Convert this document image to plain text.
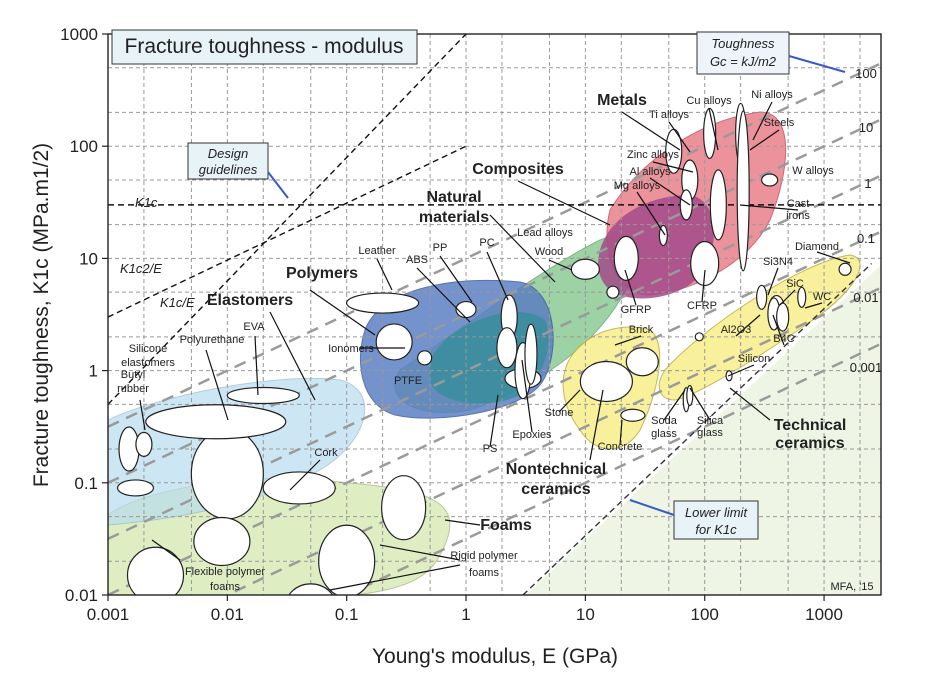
0.001	0.01	0.1	1	10	100	1000
0.01
0.1
1
10
100
1000
Young's modulus, E (GPa)
Fracture toughness, K1c (MPa.m1/2)
Fracture toughness - modulus	Toughness
Gc = kJ/m2
100
10
1
0.1
0.01
0.001
Design
guidelines
K1c
K1c2/E
K1c/E
Lower limit
for K1c
MFA, '15
Metals
Composites
Natural
materials
Polymers
Elastomers
Foams
Nontechnical
ceramics
Technical
ceramics
Ti alloys
Cu alloys Ni alloys
Steels
Zinc alloys
Al alloys
Mg alloys
W alloys
Cast
irons
GFRP	CFRP
Wood
Lead alloys
Leather	PP	PC
ABS
Ionomers
PTFE
PS
Epoxies
Butyl
rubber
Silicone
elastomers
Polyurethane
EVA
Cork
Flexible polymer
foams
Rigid polymer
foams
Brick
Stone
Concrete
Soda
glass
Silica
glass
Diamond
Si3N4
SiC
WC
Al2O3
B4C
Silicon
